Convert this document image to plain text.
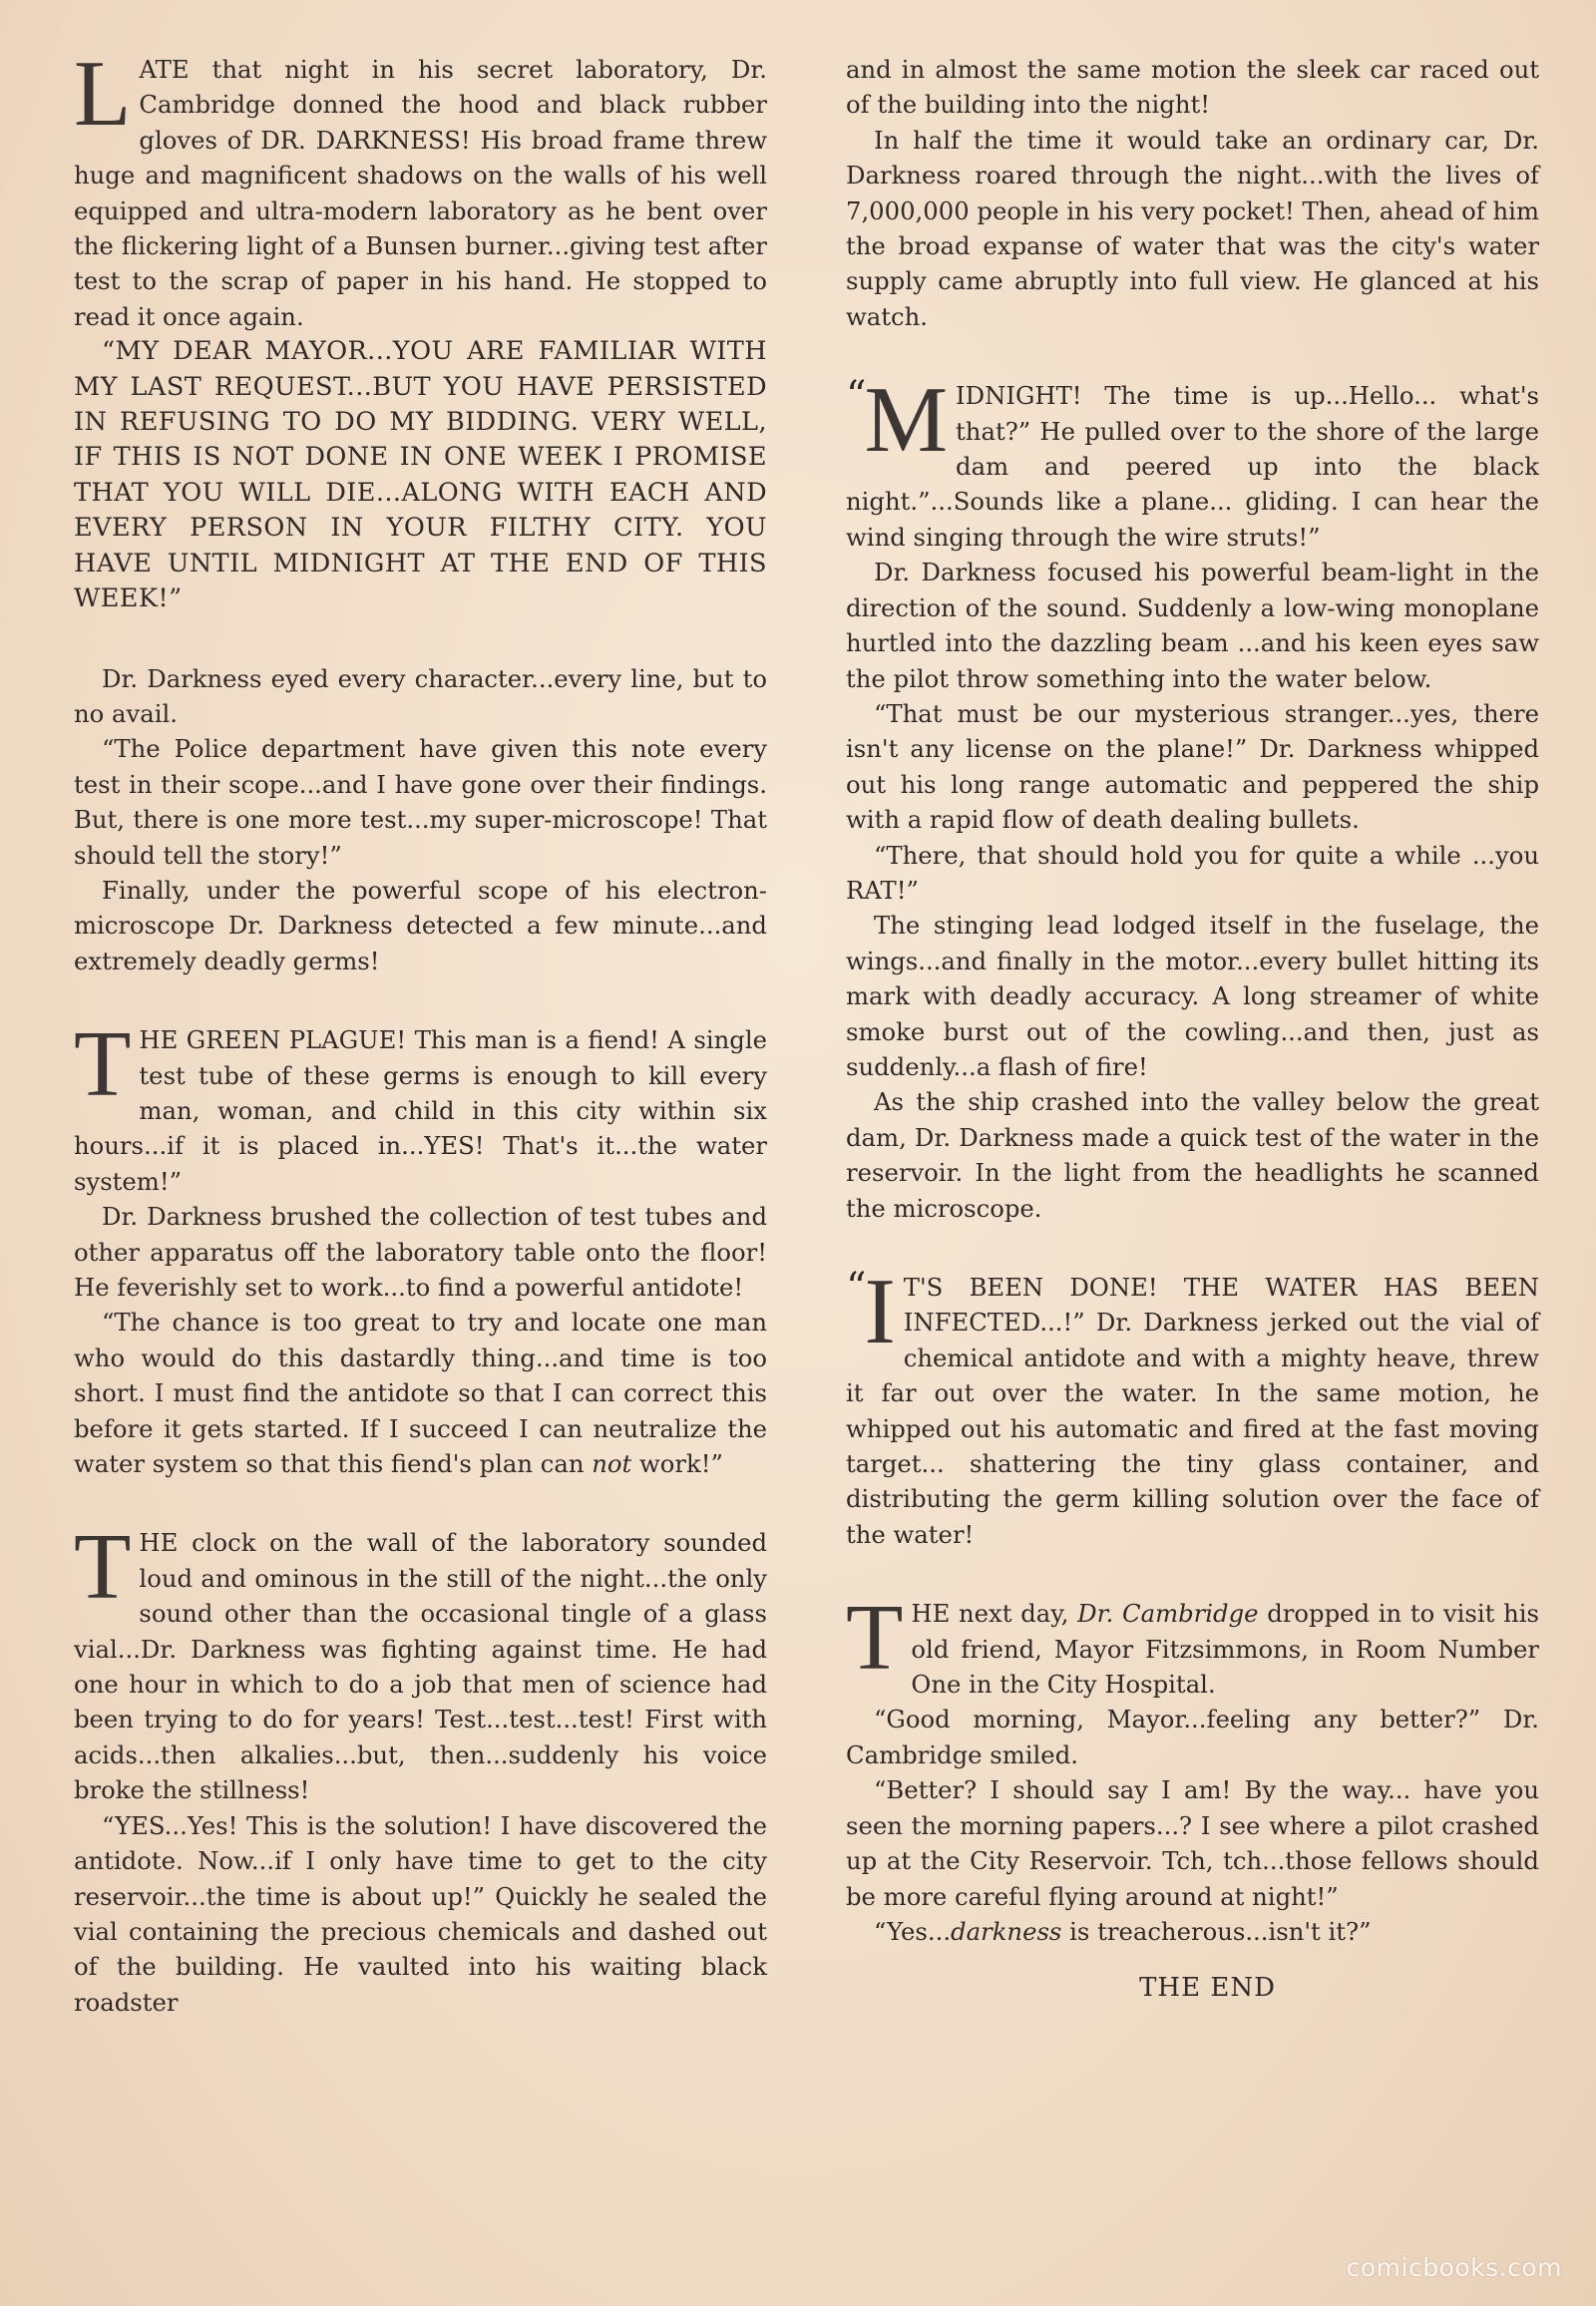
LATE that night in his secret laboratory, Dr. Cambridge donned the hood and black rubber gloves of DR. DARKNESS! His broad frame threw huge and magnificent shadows on the walls of his well equipped and ultra-modern laboratory as he bent over the flickering light of a Bunsen burner...giving test after test to the scrap of paper in his hand. He stopped to read it once again.

“MY DEAR MAYOR...YOU ARE FAMILIAR WITH MY LAST REQUEST...BUT YOU HAVE PERSISTED IN REFUSING TO DO MY BIDDING. VERY WELL, IF THIS IS NOT DONE IN ONE WEEK I PROMISE THAT YOU WILL DIE...ALONG WITH EACH AND EVERY PERSON IN YOUR FILTHY CITY. YOU HAVE UNTIL MIDNIGHT AT THE END OF THIS WEEK!”

Dr. Darkness eyed every character...every line, but to no avail.

“The Police department have given this note every test in their scope...and I have gone over their findings. But, there is one more test...my super-microscope! That should tell the story!”

Finally, under the powerful scope of his electron-microscope Dr. Darkness detected a few minute...and extremely deadly germs!

THE GREEN PLAGUE! This man is a fiend! A single test tube of these germs is enough to kill every man, woman, and child in this city within six hours...if it is placed in...YES! That's it...the water system!”

Dr. Darkness brushed the collection of test tubes and other apparatus off the laboratory table onto the floor! He feverishly set to work...to find a powerful antidote!

“The chance is too great to try and locate one man who would do this dastardly thing...and time is too short. I must find the antidote so that I can correct this before it gets started. If I succeed I can neutralize the water system so that this fiend's plan can not work!”

THE clock on the wall of the laboratory sounded loud and ominous in the still of the night...the only sound other than the occasional tingle of a glass vial...Dr. Darkness was fighting against time. He had one hour in which to do a job that men of science had been trying to do for years! Test...test...test! First with acids...then alkalies...but, then...suddenly his voice broke the stillness!

“YES...Yes! This is the solution! I have discovered the antidote. Now...if I only have time to get to the city reservoir...the time is about up!” Quickly he sealed the vial containing the precious chemicals and dashed out of the building. He vaulted into his waiting black roadster

and in almost the same motion the sleek car raced out of the building into the night!

In half the time it would take an ordinary car, Dr. Darkness roared through the night...with the lives of 7,000,000 people in his very pocket! Then, ahead of him the broad expanse of water that was the city's water supply came abruptly into full view. He glanced at his watch.

“
M IDNIGHT! The time is up...Hello... what's that?” He pulled over to the shore of the large dam and peered up into the black night.”...Sounds like a plane... gliding. I can hear the wind singing through the wire struts!”

Dr. Darkness focused his powerful beam-light in the direction of the sound. Suddenly a low-wing monoplane hurtled into the dazzling beam ...and his keen eyes saw the pilot throw something into the water below.

“That must be our mysterious stranger...yes, there isn't any license on the plane!” Dr. Darkness whipped out his long range automatic and peppered the ship with a rapid flow of death dealing bullets.

“There, that should hold you for quite a while ...you RAT!”

The stinging lead lodged itself in the fuselage, the wings...and finally in the motor...every bullet hitting its mark with deadly accuracy. A long streamer of white smoke burst out of the cowling...and then, just as suddenly...a flash of fire!

As the ship crashed into the valley below the great dam, Dr. Darkness made a quick test of the water in the reservoir. In the light from the headlights he scanned the microscope.

“
I T'S BEEN DONE! THE WATER HAS BEEN INFECTED...!” Dr. Darkness jerked out the vial of chemical antidote and with a mighty heave, threw it far out over the water. In the same motion, he whipped out his automatic and fired at the fast moving target... shattering the tiny glass container, and distributing the germ killing solution over the face of the water!

THE next day, Dr. Cambridge dropped in to visit his old friend, Mayor Fitzsimmons, in Room Number One in the City Hospital.

“Good morning, Mayor...feeling any better?” Dr. Cambridge smiled.

“Better? I should say I am! By the way... have you seen the morning papers...? I see where a pilot crashed up at the City Reservoir. Tch, tch...those fellows should be more careful flying around at night!”

“Yes...darkness is treacherous...isn't it?”

THE END
comicbooks.com
